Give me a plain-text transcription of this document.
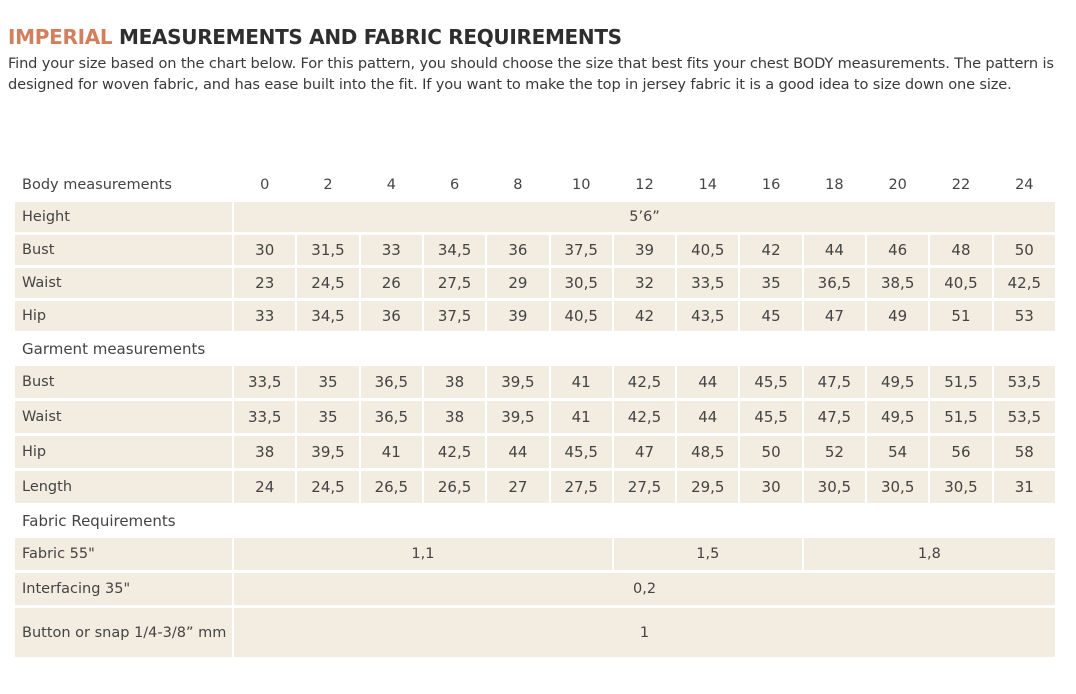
IMPERIAL MEASUREMENTS AND FABRIC REQUIREMENTS

Find your size based on the chart below. For this pattern, you should choose the size that best fits your chest BODY measurements. The pattern is designed for woven fabric, and has ease built into the fit. If you want to make the top in jersey fabric it is a good idea to size down one size.

Body measurements	0	2	4	6	8	10	12	14	16	18	20	22	24
Height	5’6”												
Bust	30	31,5	33	34,5	36	37,5	39	40,5	42	44	46	48	50
Waist	23	24,5	26	27,5	29	30,5	32	33,5	35	36,5	38,5	40,5	42,5
Hip	33	34,5	36	37,5	39	40,5	42	43,5	45	47	49	51	53
Garment measurements													
Bust	33,5	35	36,5	38	39,5	41	42,5	44	45,5	47,5	49,5	51,5	53,5
Waist	33,5	35	36,5	38	39,5	41	42,5	44	45,5	47,5	49,5	51,5	53,5
Hip	38	39,5	41	42,5	44	45,5	47	48,5	50	52	54	56	58
Length	24	24,5	26,5	26,5	27	27,5	27,5	29,5	30	30,5	30,5	30,5	31
Fabric Requirements													
Fabric 55"	1,1						1,5			1,8			
Interfacing 35"	0,2												
Button or snap 1/4-3/8” mm	1												
